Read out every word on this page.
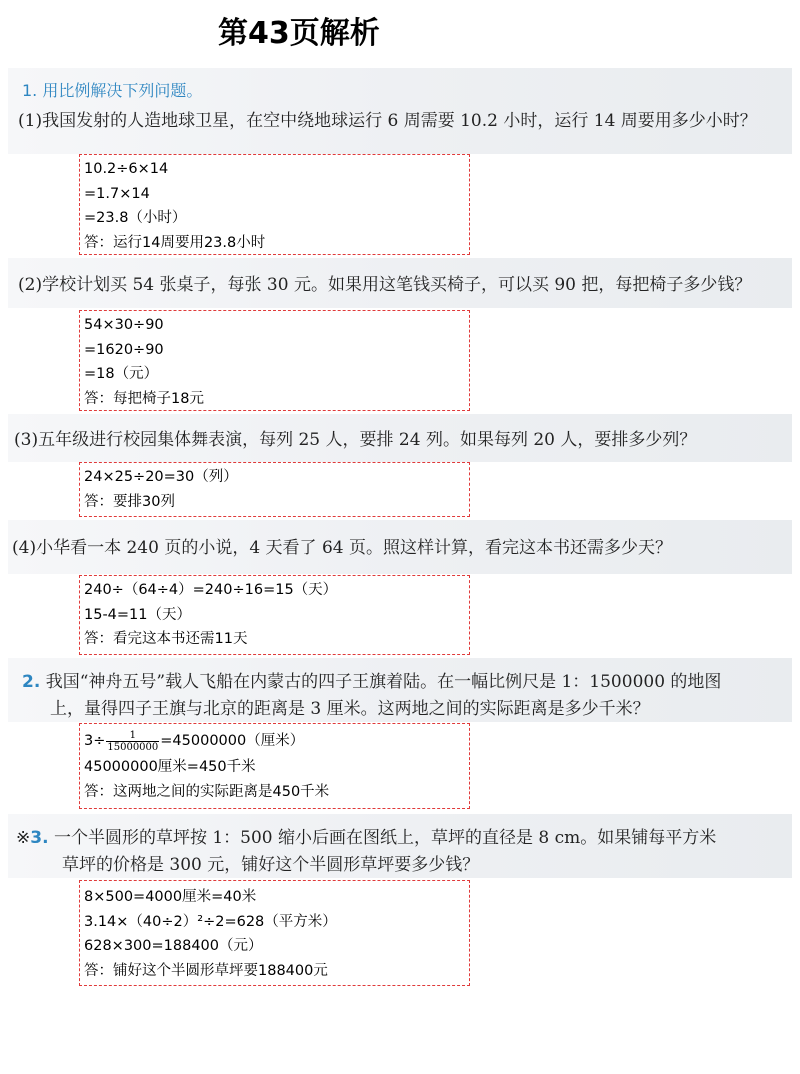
第43页解析
1. 用比例解决下列问题。
(1)我国发射的人造地球卫星，在空中绕地球运行 6 周需要 10.2 小时，运行 14 周要用多少小时？
10.2÷6×14
=1.7×14
=23.8（小时）
答：运行14周要用23.8小时
(2)学校计划买 54 张桌子，每张 30 元。如果用这笔钱买椅子，可以买 90 把，每把椅子多少钱？
54×30÷90
=1620÷90
=18（元）
答：每把椅子18元
(3)五年级进行校园集体舞表演，每列 25 人，要排 24 列。如果每列 20 人，要排多少列？
24×25÷20=30（列）
答：要排30列
(4)小华看一本 240 页的小说，4 天看了 64 页。照这样计算，看完这本书还需多少天？
240÷（64÷4）=240÷16=15（天）
15-4=11（天）
答：看完这本书还需11天
2. 我国“神舟五号”载人飞船在内蒙古的四子王旗着陆。在一幅比例尺是 1：1500000 的地图
上，量得四子王旗与北京的距离是 3 厘米。这两地之间的实际距离是多少千米？
$3\div \frac{1}{15000000} =45000000$（厘米）
45000000厘米=450千米
答：这两地之间的实际距离是450千米
※3. 一个半圆形的草坪按 1：500 缩小后画在图纸上，草坪的直径是 8 cm。如果铺每平方米
草坪的价格是 300 元，铺好这个半圆形草坪要多少钱？
8×500=4000厘米=40米
3.14×（40÷2）²÷2=628（平方米）
628×300=188400（元）
答：铺好这个半圆形草坪要188400元
